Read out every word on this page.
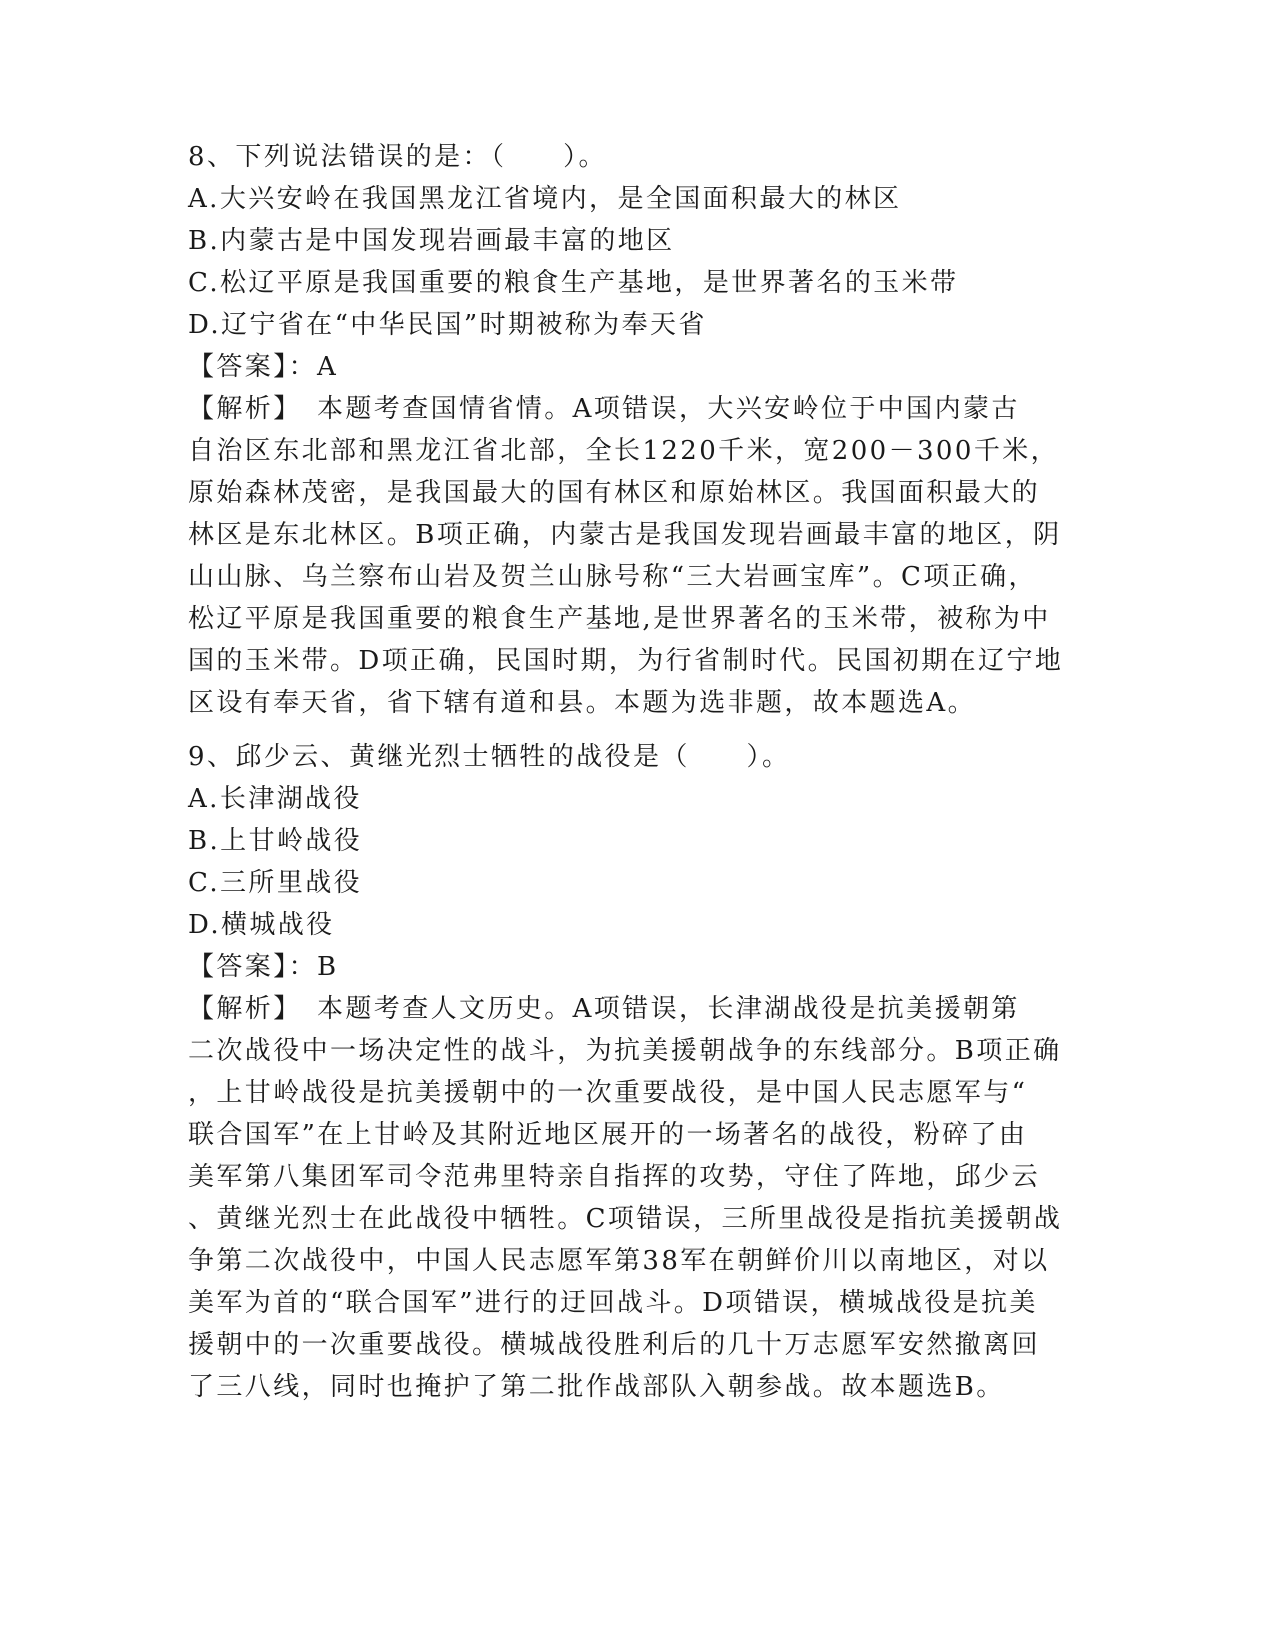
8、下列说法错误的是：（　　）。
A.大兴安岭在我国黑龙江省境内，是全国面积最大的林区
B.内蒙古是中国发现岩画最丰富的地区
C.松辽平原是我国重要的粮食生产基地，是世界著名的玉米带
D.辽宁省在“中华民国”时期被称为奉天省
【答案】：A
【解析】　本题考查国情省情。A项错误，大兴安岭位于中国内蒙古
自治区东北部和黑龙江省北部，全长1220千米，宽200－300千米，
原始森林茂密，是我国最大的国有林区和原始林区。我国面积最大的
林区是东北林区。B项正确，内蒙古是我国发现岩画最丰富的地区，阴
山山脉、乌兰察布山岩及贺兰山脉号称“三大岩画宝库”。C项正确，
松辽平原是我国重要的粮食生产基地,是世界著名的玉米带，被称为中
国的玉米带。D项正确，民国时期，为行省制时代。民国初期在辽宁地
区设有奉天省，省下辖有道和县。本题为选非题，故本题选A。
9、邱少云、黄继光烈士牺牲的战役是（　　）。
A.长津湖战役
B.上甘岭战役
C.三所里战役
D.横城战役
【答案】：B
【解析】　本题考查人文历史。A项错误，长津湖战役是抗美援朝第
二次战役中一场决定性的战斗，为抗美援朝战争的东线部分。B项正确
，上甘岭战役是抗美援朝中的一次重要战役，是中国人民志愿军与“
联合国军”在上甘岭及其附近地区展开的一场著名的战役，粉碎了由
美军第八集团军司令范弗里特亲自指挥的攻势，守住了阵地，邱少云
、黄继光烈士在此战役中牺牲。C项错误，三所里战役是指抗美援朝战
争第二次战役中，中国人民志愿军第38军在朝鲜价川以南地区，对以
美军为首的“联合国军”进行的迂回战斗。D项错误，横城战役是抗美
援朝中的一次重要战役。横城战役胜利后的几十万志愿军安然撤离回
了三八线，同时也掩护了第二批作战部队入朝参战。故本题选B。
